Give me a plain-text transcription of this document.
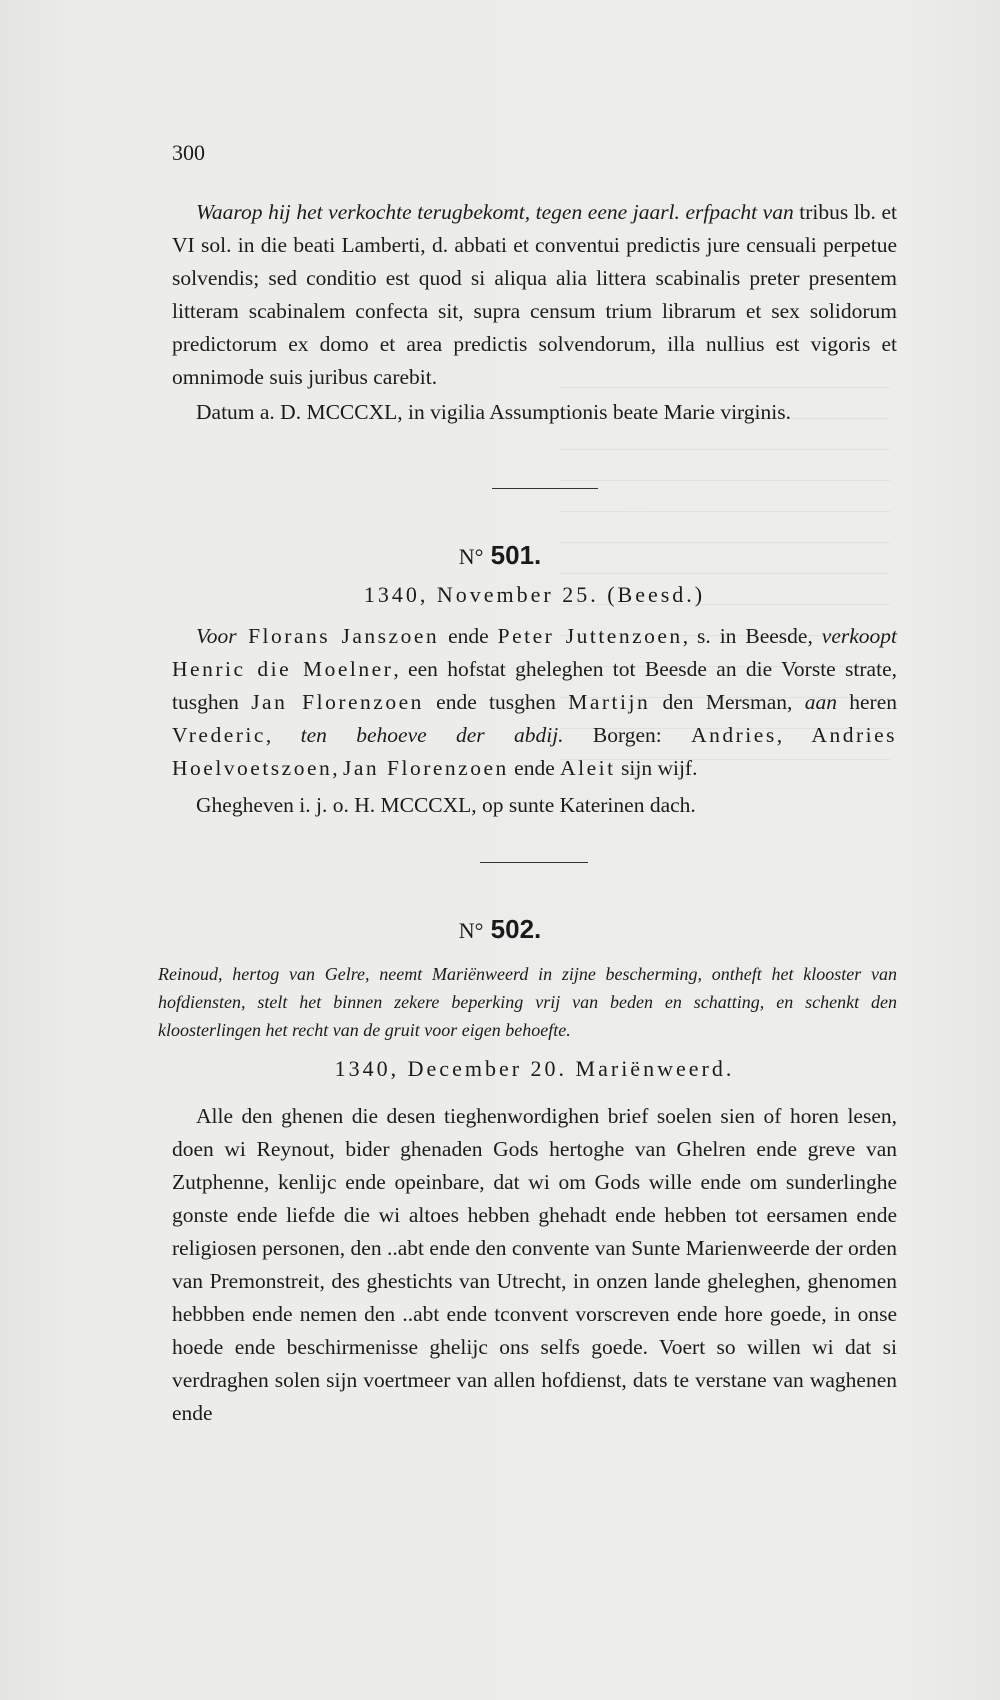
300

Waarop hij het verkochte terugbekomt, tegen eene jaarl. erfpacht van tribus lb. et VI sol. in die beati Lamberti, d. abbati et conventui predictis jure censuali perpetue solvendis; sed conditio est quod si aliqua alia littera scabinalis preter presentem litteram scabinalem confecta sit, supra censum trium librarum et sex solidorum predictorum ex domo et area predictis solvendorum, illa nullius est vigoris et omnimode suis juribus carebit.

Datum a. D. MCCCXL, in vigilia Assumptionis beate Marie virginis.

N° 501.
1340, November 25. (Beesd.)

Voor Florans Janszoen ende Peter Juttenzoen, s. in Beesde, verkoopt Henric die Moelner, een hofstat gheleghen tot Beesde an die Vorste strate, tusghen Jan Florenzoen ende tusghen Martijn den Mersman, aan heren Vrederic, ten behoeve der abdij. Borgen: Andries, Andries Hoelvoetszoen, Jan Florenzoen ende Aleit sijn wijf.

Ghegheven i. j. o. H. MCCCXL, op sunte Katerinen dach.

N° 502.
Reinoud, hertog van Gelre, neemt Mariënweerd in zijne bescherming, ontheft het klooster van hofdiensten, stelt het binnen zekere beperking vrij van beden en schatting, en schenkt den kloosterlingen het recht van de gruit voor eigen behoefte.
1340, December 20. Mariënweerd.

Alle den ghenen die desen tieghenwordighen brief soelen sien of horen lesen, doen wi Reynout, bider ghenaden Gods hertoghe van Ghelren ende greve van Zutphenne, kenlijc ende opeinbare, dat wi om Gods wille ende om sunderlinghe gonste ende liefde die wi altoes hebben ghehadt ende hebben tot eersamen ende religiosen personen, den ..abt ende den convente van Sunte Marienweerde der orden van Premonstreit, des ghestichts van Utrecht, in onzen lande gheleghen, ghenomen hebbben ende nemen den ..abt ende tconvent vorscreven ende hore goede, in onse hoede ende beschirmenisse ghelijc ons selfs goede. Voert so willen wi dat si verdraghen solen sijn voertmeer van allen hofdienst, dats te verstane van waghenen ende
